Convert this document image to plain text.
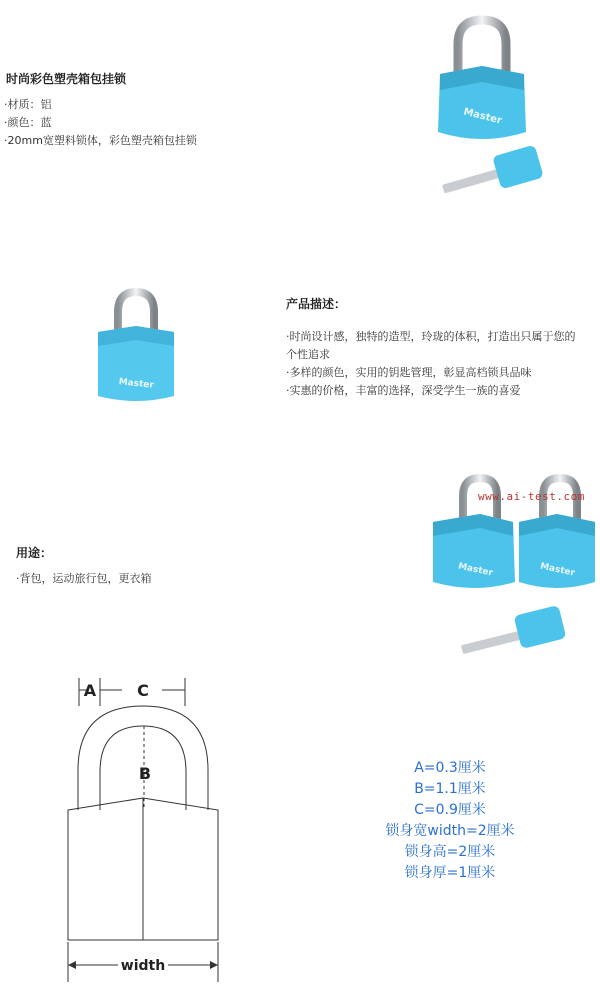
时尚彩色塑壳箱包挂锁
·材质：铝
·颜色：蓝
·20mm宽塑料锁体，彩色塑壳箱包挂锁
Master
Master
产品描述：
·时尚设计感，独特的造型，玲珑的体积，打造出只属于您的
个性追求
·多样的颜色，实用的钥匙管理，彰显高档锁具品味
·实惠的价格，丰富的选择，深受学生一族的喜爱
用途：
·背包，运动旅行包，更衣箱	Master	Master
www.ai-test.com
A	C
B
width
A=0.3厘米
B=1.1厘米
C=0.9厘米
锁身宽width=2厘米
锁身高=2厘米
锁身厚=1厘米
